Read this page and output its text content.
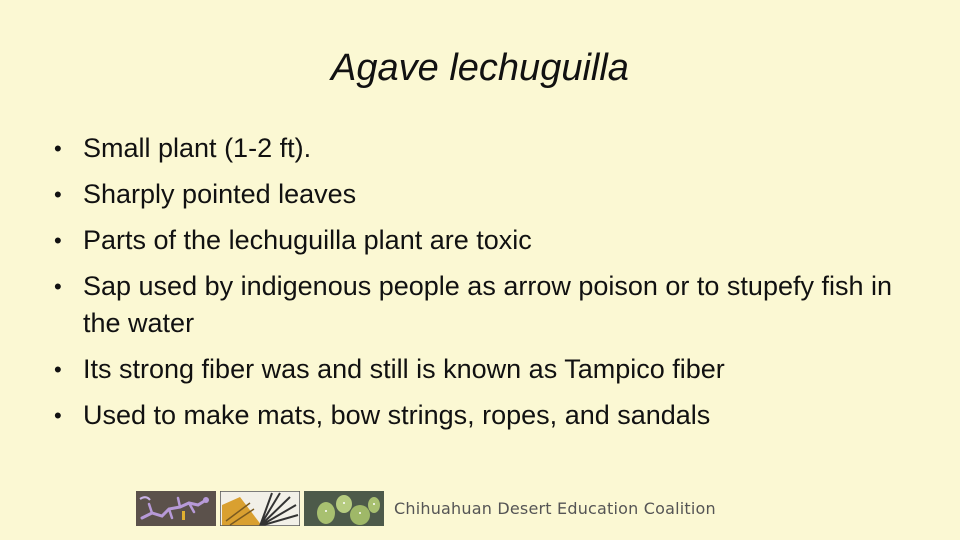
Agave lechuguilla
• Small plant (1-2 ft).
• Sharply pointed leaves
• Parts of the lechuguilla plant are toxic
• Sap used by indigenous people as arrow poison or to stupefy fish in the water
• Its strong fiber was and still is known as Tampico fiber
• Used to make mats, bow strings, ropes, and sandals
Chihuahuan Desert Education Coalition
